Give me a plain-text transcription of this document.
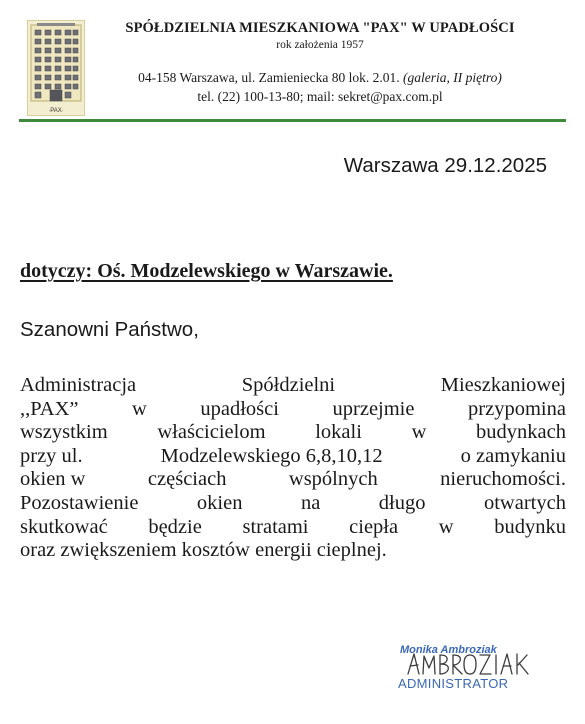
·PAX·
SPÓŁDZIELNIA MIESZKANIOWA "PAX" W UPADŁOŚCI
rok założenia 1957
04-158 Warszawa, ul. Zamieniecka 80 lok. 2.01. (galeria, II piętro)
tel. (22) 100-13-80; mail: sekret@pax.com.pl
Warszawa 29.12.2025
dotyczy: Oś. Modzelewskiego w Warszawie.
Szanowni Państwo,
Administracja	Spółdzielni	Mieszkaniowej
,,PAX”	w	upadłości	uprzejmie	przypomina
wszystkim właścicielom lokali w budynkach
przy ul.	Modzelewskiego 6,8,10,12	o zamykaniu
okien w	częściach	wspólnych	nieruchomości.
Pozostawienie	okien	na	długo	otwartych
skutkować będzie stratami ciepła w budynku
oraz zwiększeniem kosztów energii cieplnej.
Monika Ambroziak
ADMINISTRATOR
